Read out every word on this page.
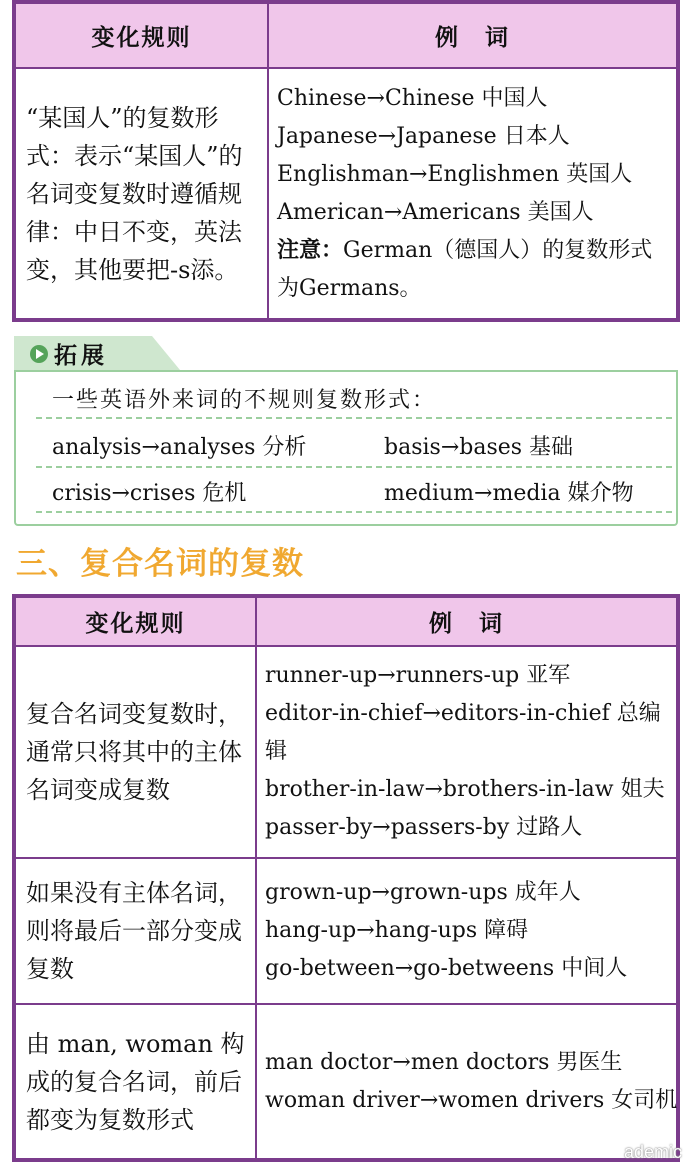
变化规则	例　词
“某国人”的复数形式：表示“某国人”的名词变复数时遵循规律：中日不变，英法变，其他要把-s添。	Chinese→Chinese 中国人
Japanese→Japanese 日本人
Englishman→Englishmen 英国人
American→Americans 美国人
注意：German（德国人）的复数形式为Germans。
拓展
一些英语外来词的不规则复数形式：
analysis→analyses 分析	basis→bases 基础
crisis→crises 危机	medium→media 媒介物
三、复合名词的复数
变化规则	例　词
复合名词变复数时，通常只将其中的主体名词变成复数	runner-up→runners-up 亚军
editor-in-chief→editors-in-chief 总编辑
brother-in-law→brothers-in-law 姐夫
passer-by→passers-by 过路人

如果没有主体名词，则将最后一部分变成复数	grown-up→grown-ups 成年人
hang-up→hang-ups 障碍
go-between→go-betweens 中间人

由 man, woman 构成的复合名词，前后都变为复数形式	man doctor→men doctors 男医生
woman driver→women drivers 女司机
ademic
